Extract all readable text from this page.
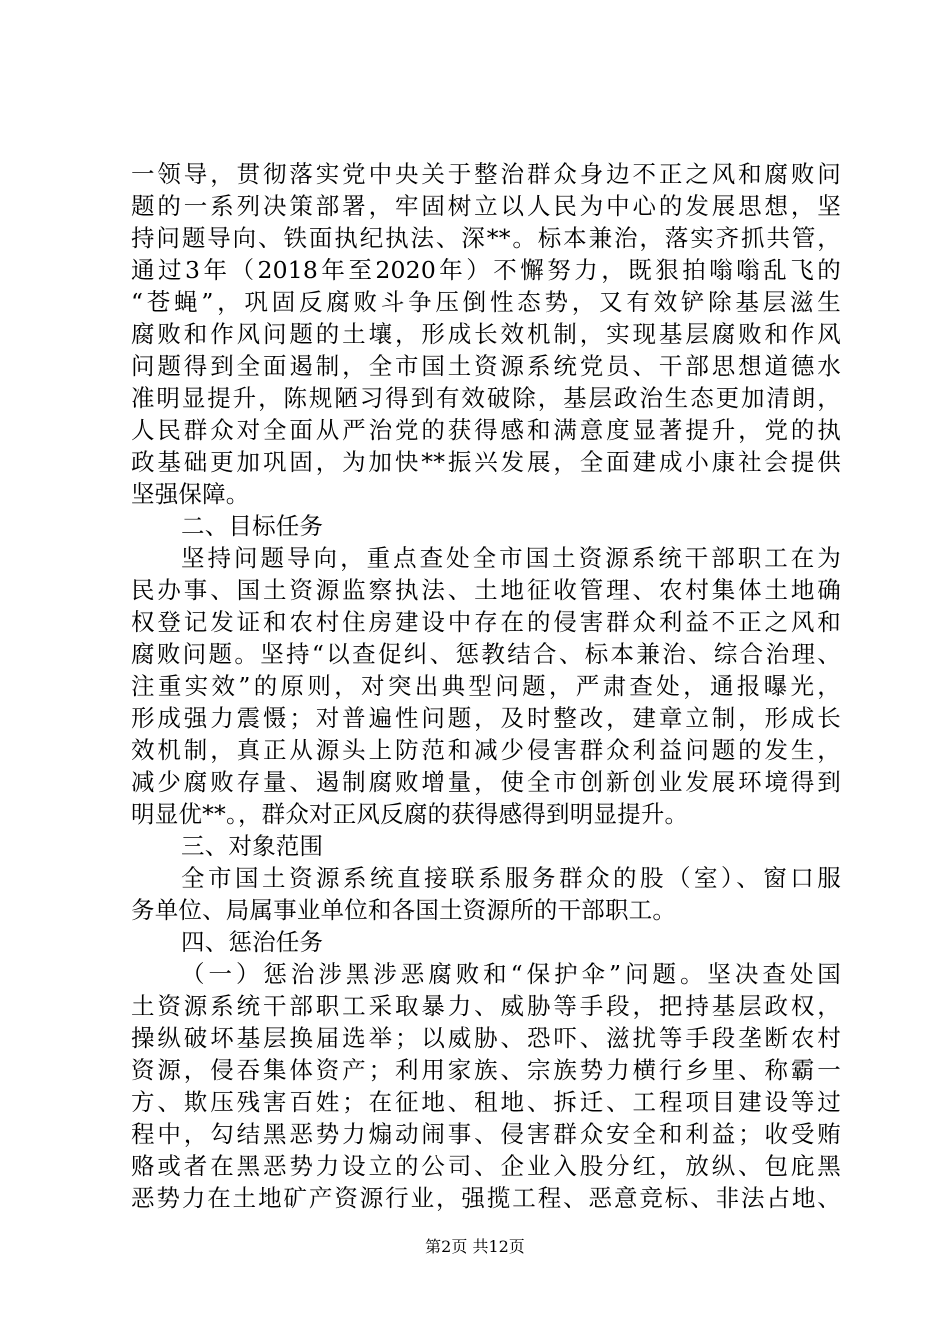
一领导，贯彻落实党中央关于整治群众身边不正之风和腐败问
题的一系列决策部署，牢固树立以人民为中心的发展思想，坚
持问题导向、铁面执纪执法、深**。标本兼治，落实齐抓共管，
通过3年（2018年至2020年）不懈努力，既狠拍嗡嗡乱飞的
“苍蝇”，巩固反腐败斗争压倒性态势，又有效铲除基层滋生
腐败和作风问题的土壤，形成长效机制，实现基层腐败和作风
问题得到全面遏制，全市国土资源系统党员、干部思想道德水
准明显提升，陈规陋习得到有效破除，基层政治生态更加清朗，
人民群众对全面从严治党的获得感和满意度显著提升，党的执
政基础更加巩固，为加快**振兴发展，全面建成小康社会提供
坚强保障。
二、目标任务
坚持问题导向，重点查处全市国土资源系统干部职工在为
民办事、国土资源监察执法、土地征收管理、农村集体土地确
权登记发证和农村住房建设中存在的侵害群众利益不正之风和
腐败问题。坚持“以查促纠、惩教结合、标本兼治、综合治理、
注重实效”的原则，对突出典型问题，严肃查处，通报曝光，
形成强力震慑；对普遍性问题，及时整改，建章立制，形成长
效机制，真正从源头上防范和减少侵害群众利益问题的发生，
减少腐败存量、遏制腐败增量，使全市创新创业发展环境得到
明显优**。，群众对正风反腐的获得感得到明显提升。
三、对象范围
全市国土资源系统直接联系服务群众的股（室）、窗口服
务单位、局属事业单位和各国土资源所的干部职工。
四、惩治任务
（一）惩治涉黑涉恶腐败和“保护伞”问题。坚决查处国
土资源系统干部职工采取暴力、威胁等手段，把持基层政权，
操纵破坏基层换届选举；以威胁、恐吓、滋扰等手段垄断农村
资源，侵吞集体资产；利用家族、宗族势力横行乡里、称霸一
方、欺压残害百姓；在征地、租地、拆迁、工程项目建设等过
程中，勾结黑恶势力煽动闹事、侵害群众安全和利益；收受贿
赂或者在黑恶势力设立的公司、企业入股分红，放纵、包庇黑
恶势力在土地矿产资源行业，强揽工程、恶意竞标、非法占地、
第2页 共12页
